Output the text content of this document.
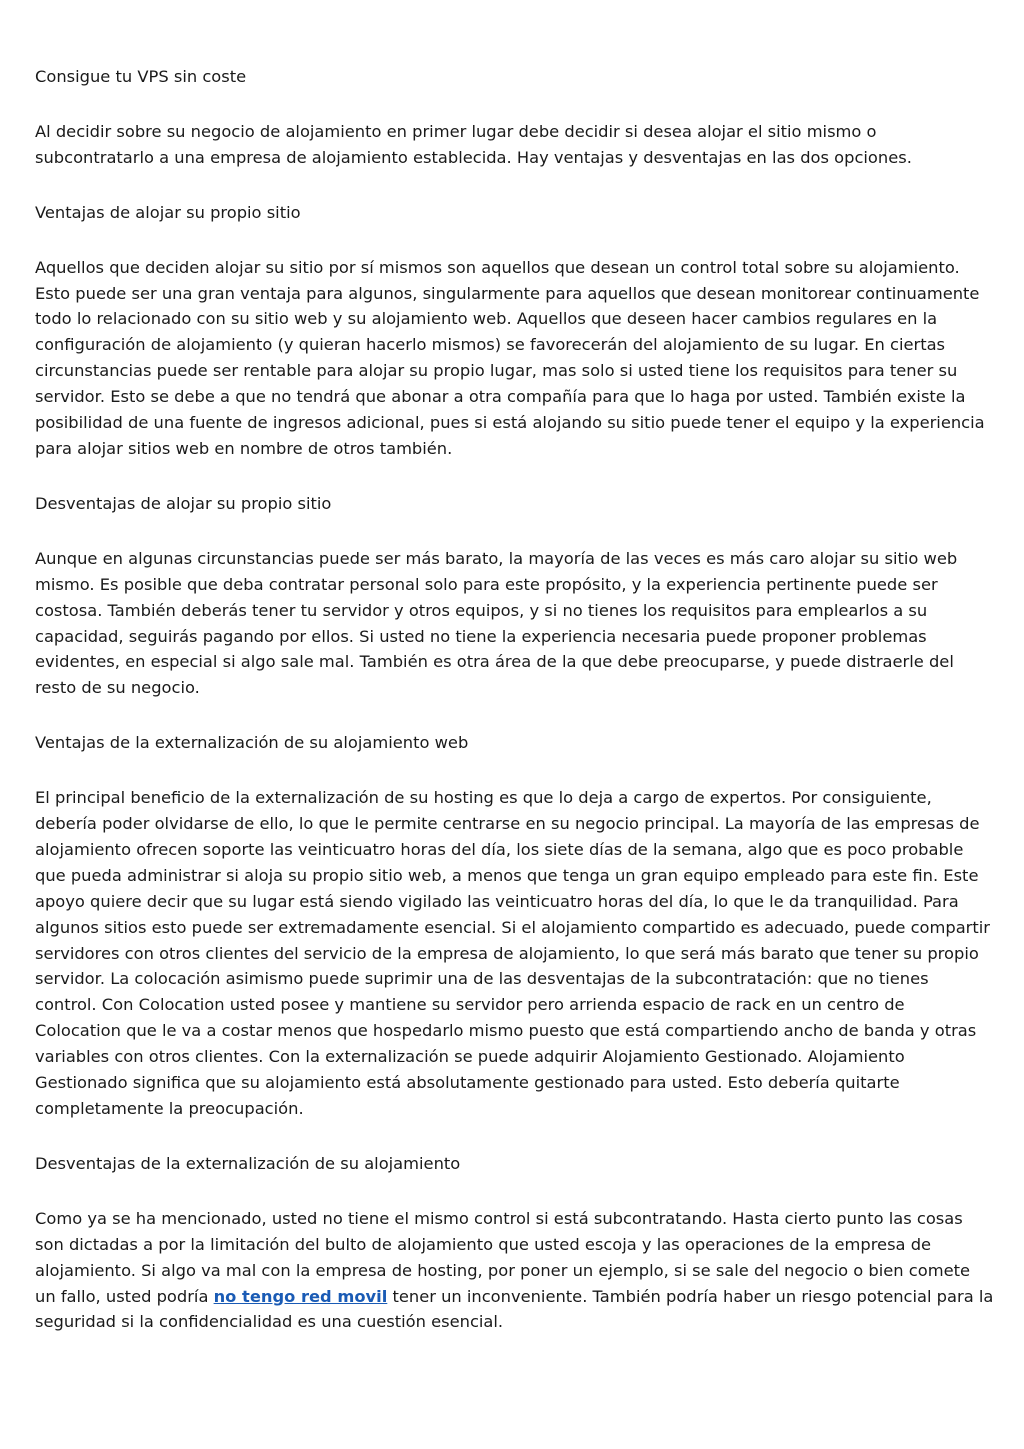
Consigue tu VPS sin coste

Al decidir sobre su negocio de alojamiento en primer lugar debe decidir si desea alojar el sitio mismo o subcontratarlo a una empresa de alojamiento establecida. Hay ventajas y desventajas en las dos opciones.

Ventajas de alojar su propio sitio

Aquellos que deciden alojar su sitio por sí mismos son aquellos que desean un control total sobre su alojamiento. Esto puede ser una gran ventaja para algunos, singularmente para aquellos que desean monitorear continuamente todo lo relacionado con su sitio web y su alojamiento web. Aquellos que deseen hacer cambios regulares en la configuración de alojamiento (y quieran hacerlo mismos) se favorecerán del alojamiento de su lugar. En ciertas circunstancias puede ser rentable para alojar su propio lugar, mas solo si usted tiene los requisitos para tener su servidor. Esto se debe a que no tendrá que abonar a otra compañía para que lo haga por usted. También existe la posibilidad de una fuente de ingresos adicional, pues si está alojando su sitio puede tener el equipo y la experiencia para alojar sitios web en nombre de otros también.

Desventajas de alojar su propio sitio

Aunque en algunas circunstancias puede ser más barato, la mayoría de las veces es más caro alojar su sitio web mismo. Es posible que deba contratar personal solo para este propósito, y la experiencia pertinente puede ser costosa. También deberás tener tu servidor y otros equipos, y si no tienes los requisitos para emplearlos a su capacidad, seguirás pagando por ellos. Si usted no tiene la experiencia necesaria puede proponer problemas evidentes, en especial si algo sale mal. También es otra área de la que debe preocuparse, y puede distraerle del resto de su negocio.

Ventajas de la externalización de su alojamiento web

El principal beneficio de la externalización de su hosting es que lo deja a cargo de expertos. Por consiguiente, debería poder olvidarse de ello, lo que le permite centrarse en su negocio principal. La mayoría de las empresas de alojamiento ofrecen soporte las veinticuatro horas del día, los siete días de la semana, algo que es poco probable que pueda administrar si aloja su propio sitio web, a menos que tenga un gran equipo empleado para este fin. Este apoyo quiere decir que su lugar está siendo vigilado las veinticuatro horas del día, lo que le da tranquilidad. Para algunos sitios esto puede ser extremadamente esencial. Si el alojamiento compartido es adecuado, puede compartir servidores con otros clientes del servicio de la empresa de alojamiento, lo que será más barato que tener su propio servidor. La colocación asimismo puede suprimir una de las desventajas de la subcontratación: que no tienes control. Con Colocation usted posee y mantiene su servidor pero arrienda espacio de rack en un centro de Colocation que le va a costar menos que hospedarlo mismo puesto que está compartiendo ancho de banda y otras variables con otros clientes. Con la externalización se puede adquirir Alojamiento Gestionado. Alojamiento Gestionado significa que su alojamiento está absolutamente gestionado para usted. Esto debería quitarte completamente la preocupación.

Desventajas de la externalización de su alojamiento

Como ya se ha mencionado, usted no tiene el mismo control si está subcontratando. Hasta cierto punto las cosas son dictadas a por la limitación del bulto de alojamiento que usted escoja y las operaciones de la empresa de alojamiento. Si algo va mal con la empresa de hosting, por poner un ejemplo, si se sale del negocio o bien comete un fallo, usted podría no tengo red movil tener un inconveniente. También podría haber un riesgo potencial para la seguridad si la confidencialidad es una cuestión esencial.
